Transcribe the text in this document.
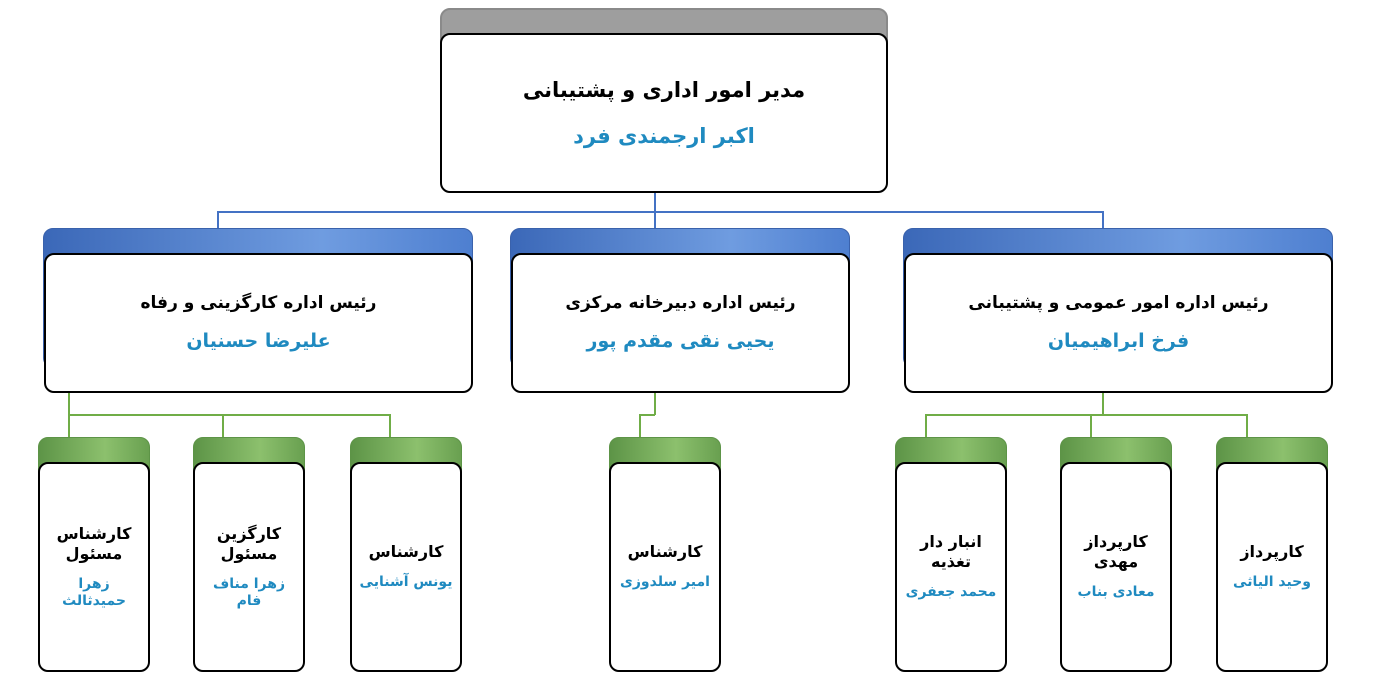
مدیر امور اداری و پشتیبانی
اکبر ارجمندی فرد
رئیس اداره کارگزینی و رفاه
علیرضا حسنیان
رئیس اداره دبیرخانه مرکزی
یحیی نقی مقدم پور
رئیس اداره امور عمومی و پشتیبانی
فرخ ابراهیمیان
کارشناس مسئول
زهرا حمیدثالث
کارگزین مسئول
زهرا مناف فام
کارشناس
یونس آشنایی
کارشناس
امیر سلدوزی
انبار دار تغذیه
محمد جعفری
کارپرداز مهدی
معادی بناب
کارپرداز
وحید الیاثی
